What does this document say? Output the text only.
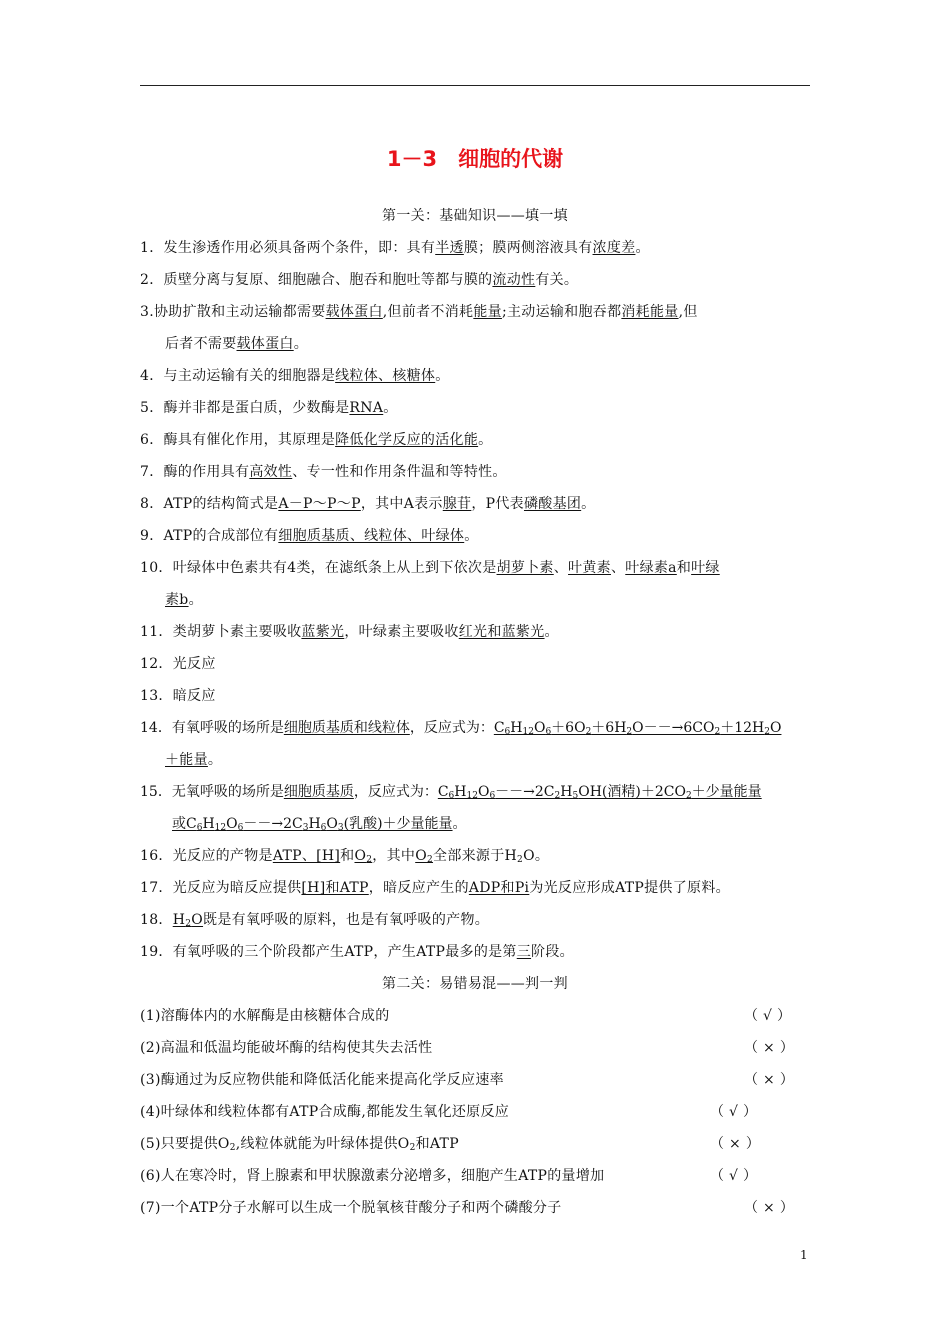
1－3　细胞的代谢
第一关：基础知识——填一填
1．发生渗透作用必须具备两个条件，即：具有半透膜；膜两侧溶液具有浓度差。
2．质壁分离与复原、细胞融合、胞吞和胞吐等都与膜的流动性有关。
3.协助扩散和主动运输都需要载体蛋白,但前者不消耗能量;主动运输和胞吞都消耗能量,但
后者不需要载体蛋白。
4．与主动运输有关的细胞器是线粒体、核糖体。
5．酶并非都是蛋白质，少数酶是RNA。
6．酶具有催化作用，其原理是降低化学反应的活化能。
7．酶的作用具有高效性、专一性和作用条件温和等特性。
8．ATP的结构简式是A－P～P～P，其中A表示腺苷，P代表磷酸基团。
9．ATP的合成部位有细胞质基质、线粒体、叶绿体。
10．叶绿体中色素共有4类，在滤纸条上从上到下依次是胡萝卜素、叶黄素、叶绿素a和叶绿
素b。
11．类胡萝卜素主要吸收蓝紫光，叶绿素主要吸收红光和蓝紫光。
12．光反应
13．暗反应
14．有氧呼吸的场所是细胞质基质和线粒体，反应式为：$C_6H_{12}O_6+6O_2+6H_2O--\to 6CO_2+12H_2O$
＋能量。
15．无氧呼吸的场所是细胞质基质，反应式为：$C_6H_{12}O_6--\to 2C_2H_5OH$(酒精)$+2CO_2+$少量能量
或$C_6H_{12}O_6--\to 2C_3H_6O_3$(乳酸)＋少量能量。
16．光反应的产物是ATP、[H]和$O_2$，其中$O_2$全部来源于$H_2O$。
17．光反应为暗反应提供[H]和ATP，暗反应产生的ADP和Pi为光反应形成ATP提供了原料。
18．$H_2O$既是有氧呼吸的原料，也是有氧呼吸的产物。
19．有氧呼吸的三个阶段都产生ATP，产生ATP最多的是第三阶段。
第二关：易错易混——判一判
(1)溶酶体内的水解酶是由核糖体合成的	（ √ ）
(2)高温和低温均能破坏酶的结构使其失去活性	（ × ）
(3)酶通过为反应物供能和降低活化能来提高化学反应速率	（ × ）
(4)叶绿体和线粒体都有ATP合成酶,都能发生氧化还原反应	（ √ ）
(5)只要提供$O_2$,线粒体就能为叶绿体提供$O_2$和ATP	（ × ）
(6)人在寒冷时，肾上腺素和甲状腺激素分泌增多，细胞产生ATP的量增加	（ √ ）
(7)一个ATP分子水解可以生成一个脱氧核苷酸分子和两个磷酸分子	（ × ）
1
